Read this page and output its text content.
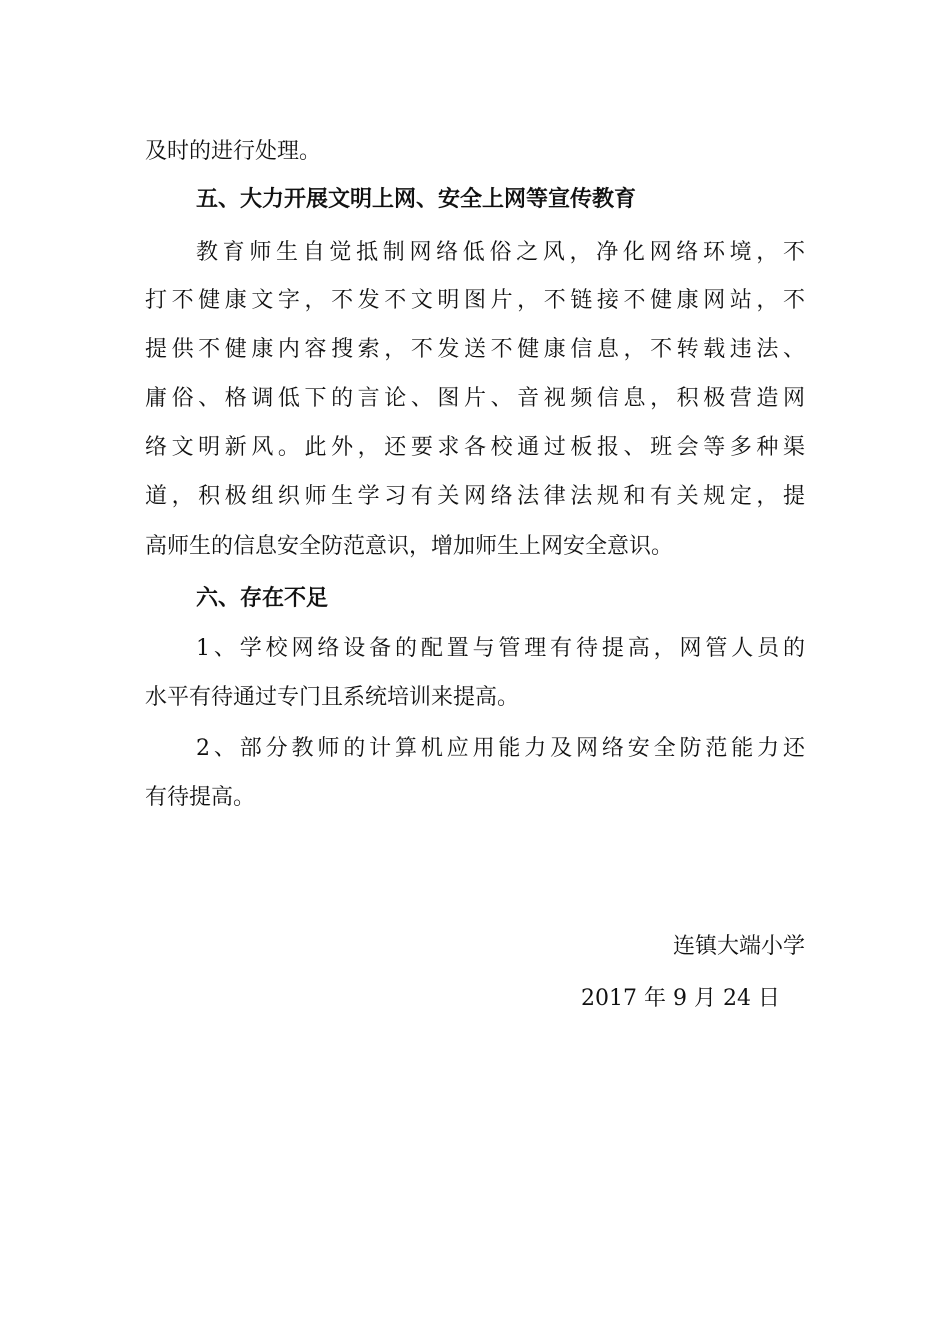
及时的进行处理。
五、大力开展文明上网、安全上网等宣传教育
教育师生自觉抵制网络低俗之风，净化网络环境，不
打不健康文字，不发不文明图片，不链接不健康网站，不
提供不健康内容搜索，不发送不健康信息，不转载违法、
庸俗、格调低下的言论、图片、音视频信息，积极营造网
络文明新风。此外，还要求各校通过板报、班会等多种渠
道，积极组织师生学习有关网络法律法规和有关规定，提
高师生的信息安全防范意识，增加师生上网安全意识。
六、存在不足
1、学校网络设备的配置与管理有待提高，网管人员的
水平有待通过专门且系统培训来提高。
2、部分教师的计算机应用能力及网络安全防范能力还
有待提高。
连镇大端小学
2017 年 9 月 24 日
